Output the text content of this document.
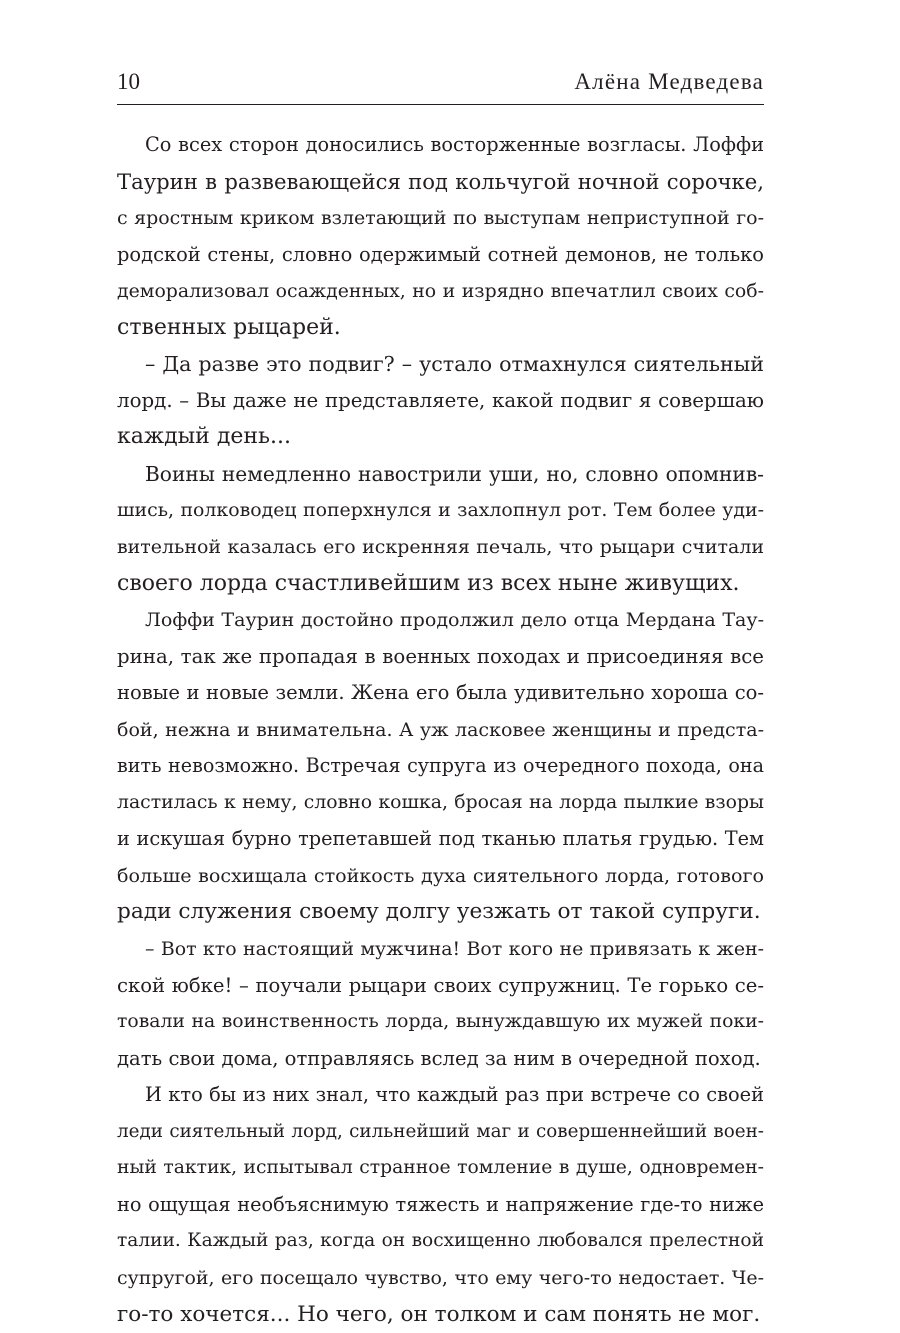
10	Алёна Медведева
Со всех сторон доносились восторженные возгласы. Лоффи
Таурин в развевающейся под кольчугой ночной сорочке,
с яростным криком взлетающий по выступам неприступной го-
родской стены, словно одержимый сотней демонов, не только
деморализовал осажденных, но и изрядно впечатлил своих соб-
ственных рыцарей.
– Да разве это подвиг? – устало отмахнулся сиятельный
лорд. – Вы даже не представляете, какой подвиг я совершаю
каждый день...
Воины немедленно навострили уши, но, словно опомнив-
шись, полководец поперхнулся и захлопнул рот. Тем более уди-
вительной казалась его искренняя печаль, что рыцари считали
своего лорда счастливейшим из всех ныне живущих.
Лоффи Таурин достойно продолжил дело отца Мердана Тау-
рина, так же пропадая в военных походах и присоединяя все
новые и новые земли. Жена его была удивительно хороша со-
бой, нежна и внимательна. А уж ласковее женщины и предста-
вить невозможно. Встречая супруга из очередного похода, она
ластилась к нему, словно кошка, бросая на лорда пылкие взоры
и искушая бурно трепетавшей под тканью платья грудью. Тем
больше восхищала стойкость духа сиятельного лорда, готового
ради служения своему долгу уезжать от такой супруги.
– Вот кто настоящий мужчина! Вот кого не привязать к жен-
ской юбке! – поучали рыцари своих супружниц. Те горько се-
товали на воинственность лорда, вынуждавшую их мужей поки-
дать свои дома, отправляясь вслед за ним в очередной поход.
И кто бы из них знал, что каждый раз при встрече со своей
леди сиятельный лорд, сильнейший маг и совершеннейший воен-
ный тактик, испытывал странное томление в душе, одновремен-
но ощущая необъяснимую тяжесть и напряжение где-то ниже
талии. Каждый раз, когда он восхищенно любовался прелестной
супругой, его посещало чувство, что ему чего-то недостает. Че-
го-то хочется... Но чего, он толком и сам понять не мог.
